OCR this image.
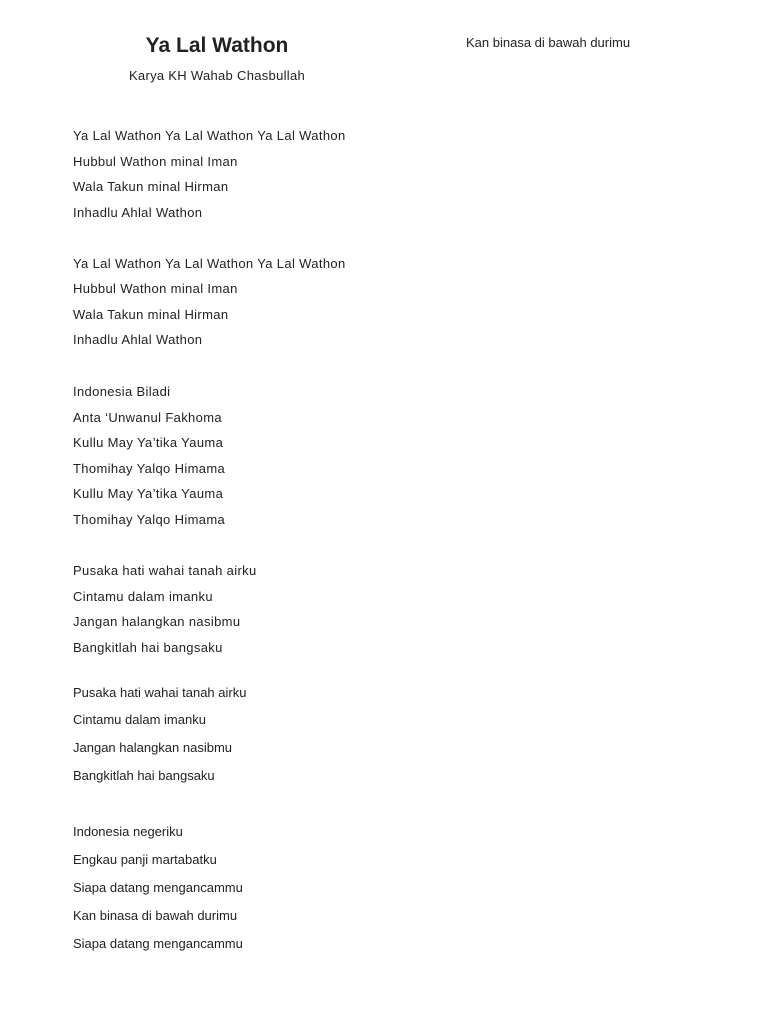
Ya Lal Wathon

Karya KH Wahab Chasbullah

Kan binasa di bawah durimu

Ya Lal Wathon Ya Lal Wathon Ya Lal Wathon

Hubbul Wathon minal Iman

Wala Takun minal Hirman

Inhadlu Ahlal Wathon

Ya Lal Wathon Ya Lal Wathon Ya Lal Wathon

Hubbul Wathon minal Iman

Wala Takun minal Hirman

Inhadlu Ahlal Wathon

Indonesia Biladi

Anta ‘Unwanul Fakhoma

Kullu May Ya’tika Yauma

Thomihay Yalqo Himama

Kullu May Ya’tika Yauma

Thomihay Yalqo Himama

Pusaka hati wahai tanah airku

Cintamu dalam imanku

Jangan halangkan nasibmu

Bangkitlah hai bangsaku

Pusaka hati wahai tanah airku

Cintamu dalam imanku

Jangan halangkan nasibmu

Bangkitlah hai bangsaku

Indonesia negeriku

Engkau panji martabatku

Siapa datang mengancammu

Kan binasa di bawah durimu

Siapa datang mengancammu
